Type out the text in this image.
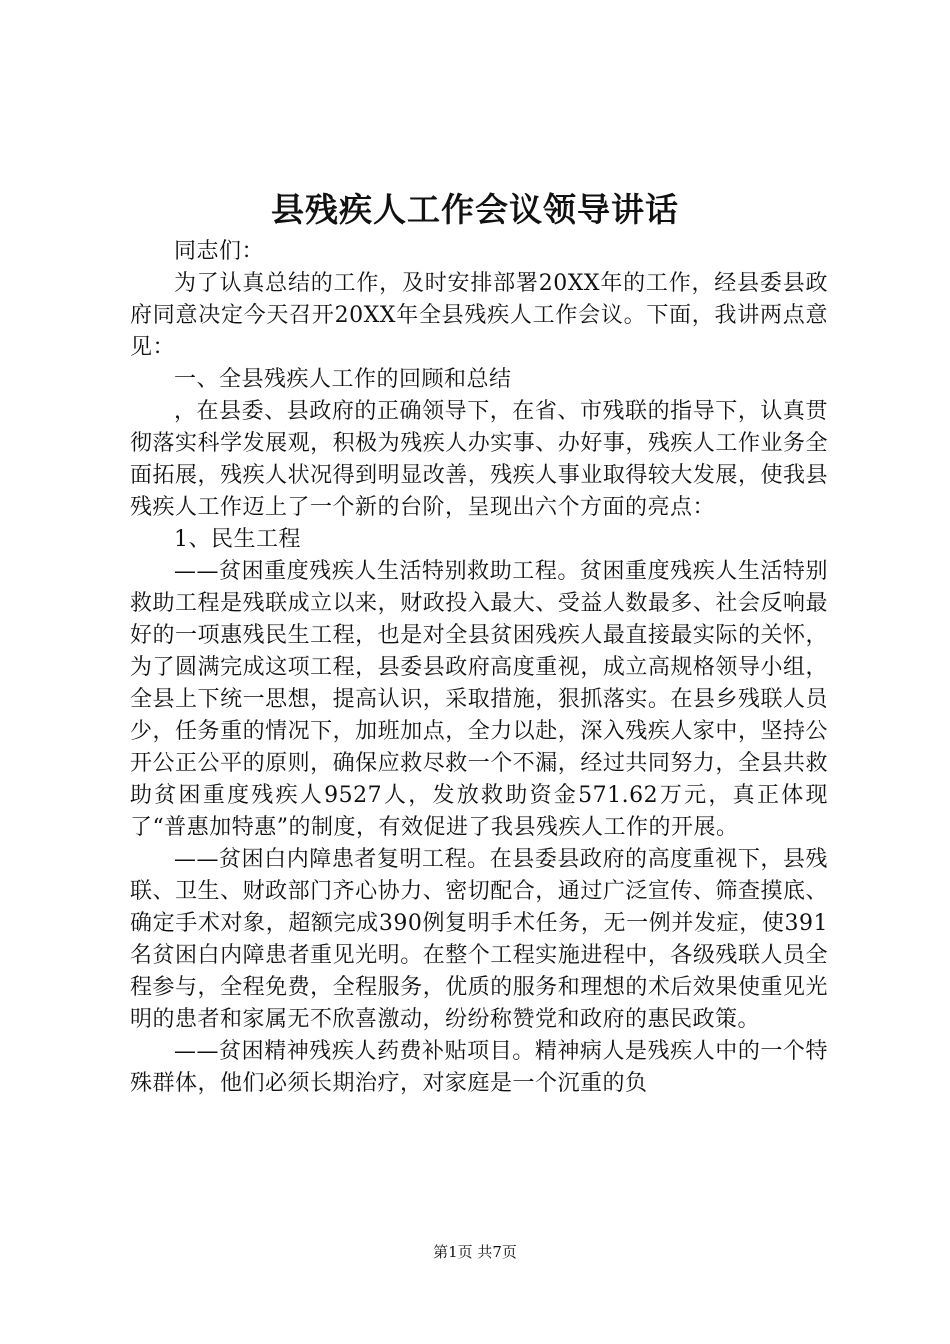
县残疾人工作会议领导讲话

同志们：

为了认真总结的工作，及时安排部署20XX年的工作，经县委县政府同意决定今天召开20XX年全县残疾人工作会议。下面，我讲两点意见：

一、全县残疾人工作的回顾和总结

，在县委、县政府的正确领导下，在省、市残联的指导下，认真贯彻落实科学发展观，积极为残疾人办实事、办好事，残疾人工作业务全面拓展，残疾人状况得到明显改善，残疾人事业取得较大发展，使我县残疾人工作迈上了一个新的台阶，呈现出六个方面的亮点：

1、民生工程

——贫困重度残疾人生活特别救助工程。贫困重度残疾人生活特别救助工程是残联成立以来，财政投入最大、受益人数最多、社会反响最好的一项惠残民生工程，也是对全县贫困残疾人最直接最实际的关怀，为了圆满完成这项工程，县委县政府高度重视，成立高规格领导小组，全县上下统一思想，提高认识，采取措施，狠抓落实。在县乡残联人员少，任务重的情况下，加班加点，全力以赴，深入残疾人家中，坚持公开公正公平的原则，确保应救尽救一个不漏，经过共同努力，全县共救助贫困重度残疾人9527人，发放救助资金571.62万元，真正体现了“普惠加特惠”的制度，有效促进了我县残疾人工作的开展。

——贫困白内障患者复明工程。在县委县政府的高度重视下，县残联、卫生、财政部门齐心协力、密切配合，通过广泛宣传、筛查摸底、确定手术对象，超额完成390例复明手术任务，无一例并发症，使391名贫困白内障患者重见光明。在整个工程实施进程中，各级残联人员全程参与，全程免费，全程服务，优质的服务和理想的术后效果使重见光明的患者和家属无不欣喜激动，纷纷称赞党和政府的惠民政策。

——贫困精神残疾人药费补贴项目。精神病人是残疾人中的一个特殊群体，他们必须长期治疗，对家庭是一个沉重的负

第1页 共7页
